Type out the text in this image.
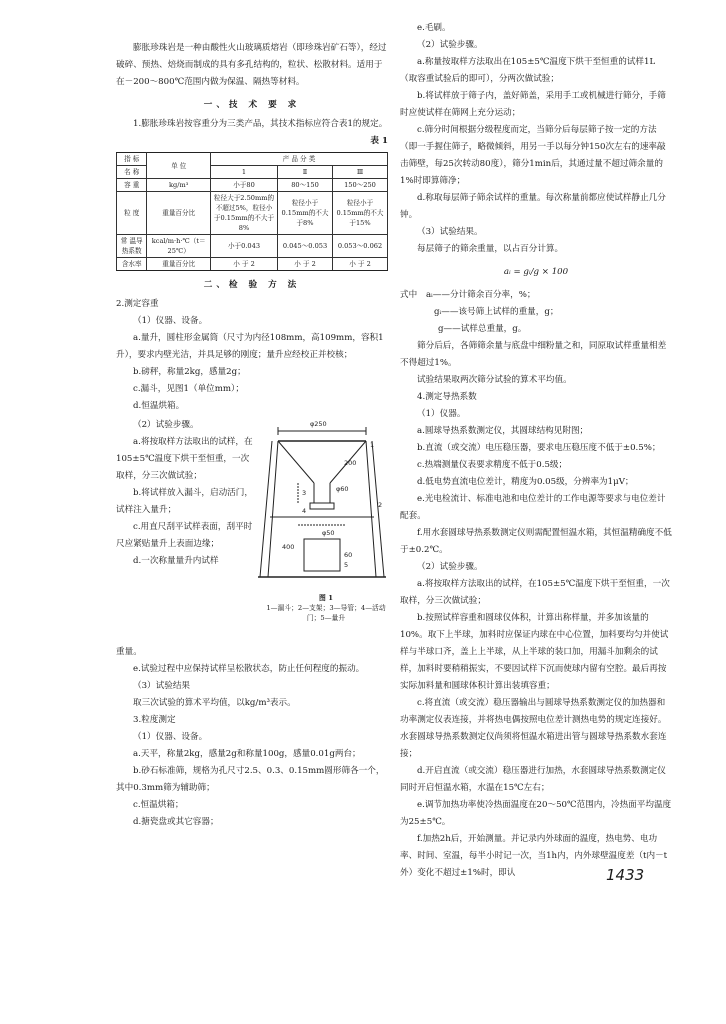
膨胀珍珠岩是一种由酸性火山玻璃质熔岩（即珍珠岩矿石等），经过破碎、预热、焙烧而制成的具有多孔结构的，粒状、松散材料。适用于在－200～800℃范围内做为保温、隔热等材料。

一、技 术 要 求

1.膨胀珍珠岩按容重分为三类产品，其技术指标应符合表1的规定。

表 1

指 标	单 位	产 品 分 类		
名 称		1	Ⅱ	Ⅲ
容 重	kg/m³	小于80	80～150	150～250
粒 度	重量百分比	粒径大于2.50mm的不超过5%，粒径小于0.15mm的不大于8%	粒径小于0.15mm的不大于8%	粒径小于0.15mm的不大于15%
常 温导热系数	kcal/m·h·℃（t＝25℃）	小于0.043	0.045～0.053	0.053～0.062
含水率	重量百分比	小 于 2	小 于 2	小 于 2

二、检 验 方 法

2.测定容重

（1）仪器、设备。

a.量升，圆柱形金属筒（尺寸为内径108mm，高109mm，容积1升），要求内壁光洁，并具足够的刚度；量升应经校正并校核；

b.磅秤，称量2kg，感量2g；

c.漏斗，见图1（单位mm）；

d.恒温烘箱。

（2）试验步骤。

a.将按取样方法取出的试样，在105±5℃温度下烘干至恒重，一次取样，分三次做试验；

b.将试样放入漏斗，启动活门，试样注入量升；

c.用直尺刮平试样表面，刮平时尺应紧贴量升上表面边缘；

d.一次称量量升内试样

φ250
φ60
φ50
200
400
60
1
2
3
4
5
图 1
1—漏斗；2—支架；3—导管；4—活动门；5—量升

重量。

e.试验过程中应保持试样呈松散状态，防止任何程度的振动。

（3）试验结果

取三次试验的算术平均值，以kg/m³表示。

3.粒度测定

（1）仪器、设备。

a.天平，称量2kg，感量2g和称量100g，感量0.01g两台；

b.砂石标准筛，规格为孔尺寸2.5、0.3、0.15mm圆形筛各一个，其中0.3mm筛为辅助筛；

c.恒温烘箱；

d.搪瓷盘或其它容器；

e.毛刷。

（2）试验步骤。

a.称量按取样方法取出在105±5℃温度下烘干至恒重的试样1L（取容重试验后的即可），分两次做试验；

b.将试样放于筛子内，盖好筛盖，采用手工或机械进行筛分，手筛时应使试样在筛网上充分运动；

c.筛分时间根据分级程度而定，当筛分后每层筛子按一定的方法（即一手握住筛子，略微倾斜，用另一手以每分钟150次左右的速率敲击筛壁，每25次转动80度），筛分1min后，其通过量不超过筛余量的1%时即算筛净；

d.称取每层筛子筛余试样的重量。每次称量前都应使试样静止几分钟。

（3）试验结果。

每层筛子的筛余重量，以占百分计算。

aᵢ = gᵢ/g × 100

式中 aᵢ——分计筛余百分率，%；

gᵢ——该号筛上试样的重量，g；

g——试样总重量，g。

筛分后后，各筛筛余量与底盘中细粉量之和，同原取试样重量相差不得超过1%。

试验结果取两次筛分试验的算术平均值。

4.测定导热系数

（1）仪器。

a.圆球导热系数测定仪，其圆球结构见附图；

b.直流（或交流）电压稳压器，要求电压稳压度不低于±0.5%；

c.热端测量仪表要求精度不低于0.5级；

d.低电势直流电位差计，精度为0.05级，分辨率为1μV；

e.光电检流计、标准电池和电位差计的工作电源等要求与电位差计配套。

f.用水套圆球导热系数测定仪则需配置恒温水箱，其恒温精确度不低于±0.2℃。

（2）试验步骤。

a.将按取样方法取出的试样，在105±5℃温度下烘干至恒重，一次取样，分三次做试验；

b.按照试样容重和圆球仪体积，计算出称样量，并多加该量的10%。取下上半球，加料时应保证内球在中心位置，加料要均匀并使试样与半球口齐，盖上上半球，从上半球的装口加，用漏斗加剩余的试样，加料时要稍稍振实，不要因试样下沉而使球内留有空腔。最后再按实际加料量和圆球体积计算出装填容重；

c.将直流（或交流）稳压器输出与圆球导热系数测定仪的加热器和功率测定仪表连接，并将热电偶按照电位差计测热电势的规定连接好。水套圆球导热系数测定仪尚须将恒温水箱进出管与圆球导热系数水套连接；

d.开启直流（或交流）稳压器进行加热，水套圆球导热系数测定仪同时开启恒温水箱，水温在15℃左右；

e.调节加热功率使冷热面温度在20～50℃范围内，冷热面平均温度为25±5℃。

f.加热2h后，开始测量。并记录内外球面的温度，热电势、电功率、时间、室温，每半小时记一次，当1h内，内外球壁温度差（t内－t外）变化不超过±1%时，即认	1433
